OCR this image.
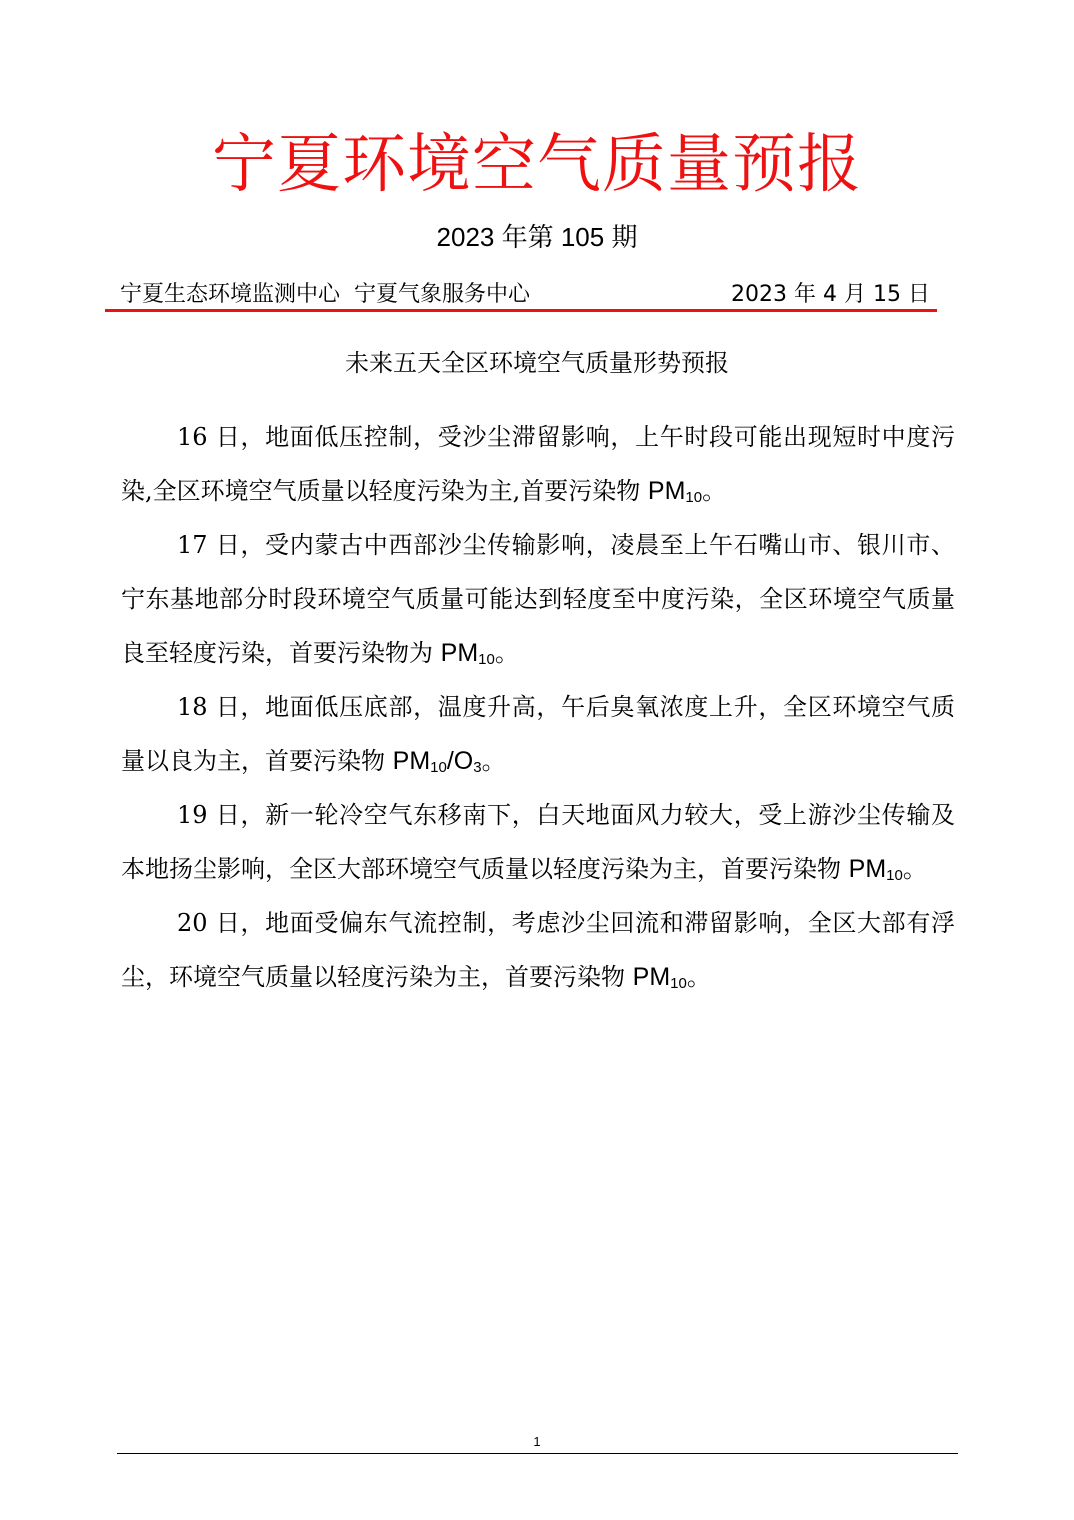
宁夏环境空气质量预报
2023 年第 105 期
宁夏生态环境监测中心  宁夏气象服务中心	2023 年 4 月 15 日
未来五天全区环境空气质量形势预报

16 日，地面低压控制，受沙尘滞留影响，上午时段可能出现短时中度污染,全区环境空气质量以轻度污染为主,首要污染物 $PM_{10}$。

17 日，受内蒙古中西部沙尘传输影响，凌晨至上午石嘴山市、银川市、宁东基地部分时段环境空气质量可能达到轻度至中度污染，全区环境空气质量良至轻度污染，首要污染物为 $PM_{10}$。

18 日，地面低压底部，温度升高，午后臭氧浓度上升，全区环境空气质量以良为主，首要污染物 $PM_{10}/O_3$。

19 日，新一轮冷空气东移南下，白天地面风力较大，受上游沙尘传输及本地扬尘影响，全区大部环境空气质量以轻度污染为主，首要污染物 $PM_{10}$。

20 日，地面受偏东气流控制，考虑沙尘回流和滞留影响，全区大部有浮尘，环境空气质量以轻度污染为主，首要污染物 $PM_{10}$。

1
